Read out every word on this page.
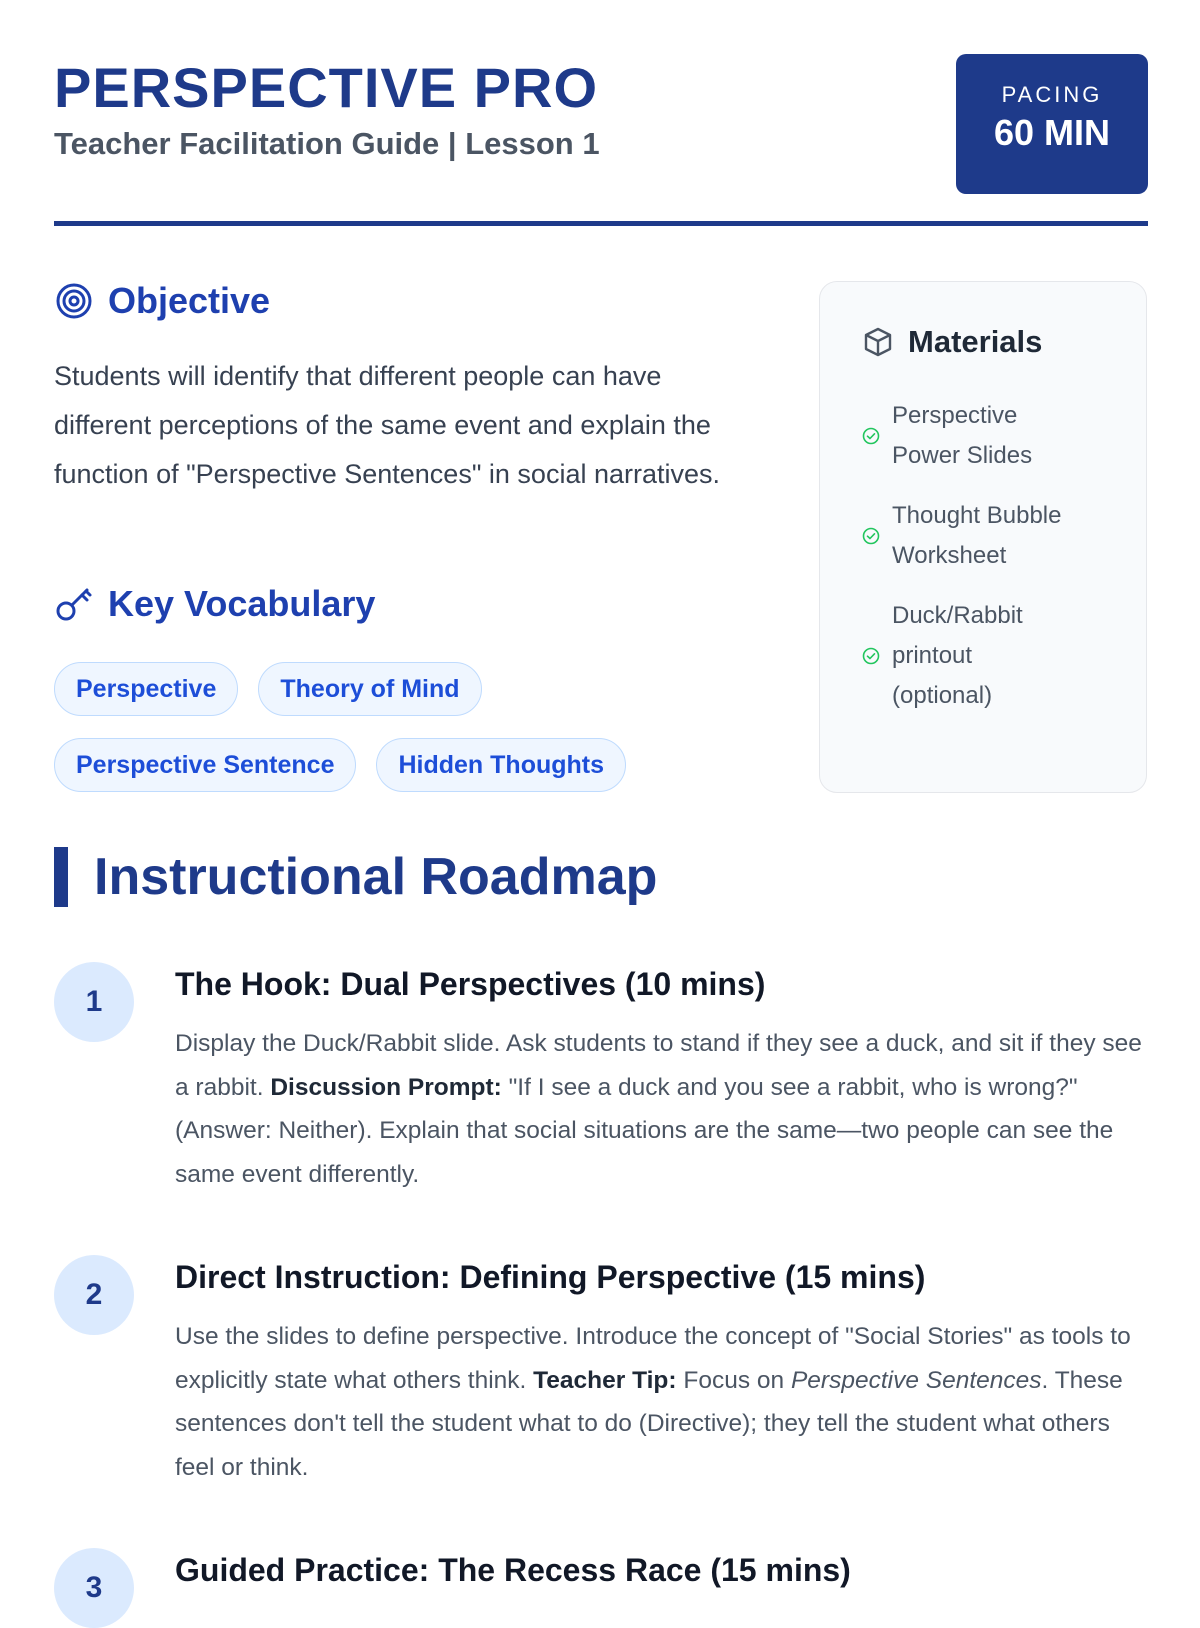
PERSPECTIVE PRO
Teacher Facilitation Guide | Lesson 1
PACING
60 MIN
Objective

Students will identify that different people can have different perceptions of the same event and explain the function of "Perspective Sentences" in social narratives.

Key Vocabulary
Perspective	Theory of Mind
Perspective Sentence	Hidden Thoughts
Materials
Perspective Power Slides
Thought Bubble Worksheet
Duck/Rabbit printout (optional)
Instructional Roadmap
1	The Hook: Dual Perspectives (10 mins)

Display the Duck/Rabbit slide. Ask students to stand if they see a duck, and sit if they see a rabbit. Discussion Prompt: "If I see a duck and you see a rabbit, who is wrong?" (Answer: Neither). Explain that social situations are the same—two people can see the same event differently.

2	Direct Instruction: Defining Perspective (15 mins)

Use the slides to define perspective. Introduce the concept of "Social Stories" as tools to explicitly state what others think. Teacher Tip: Focus on Perspective Sentences. These sentences don't tell the student what to do (Directive); they tell the student what others feel or think.

3	Guided Practice: The Recess Race (15 mins)
